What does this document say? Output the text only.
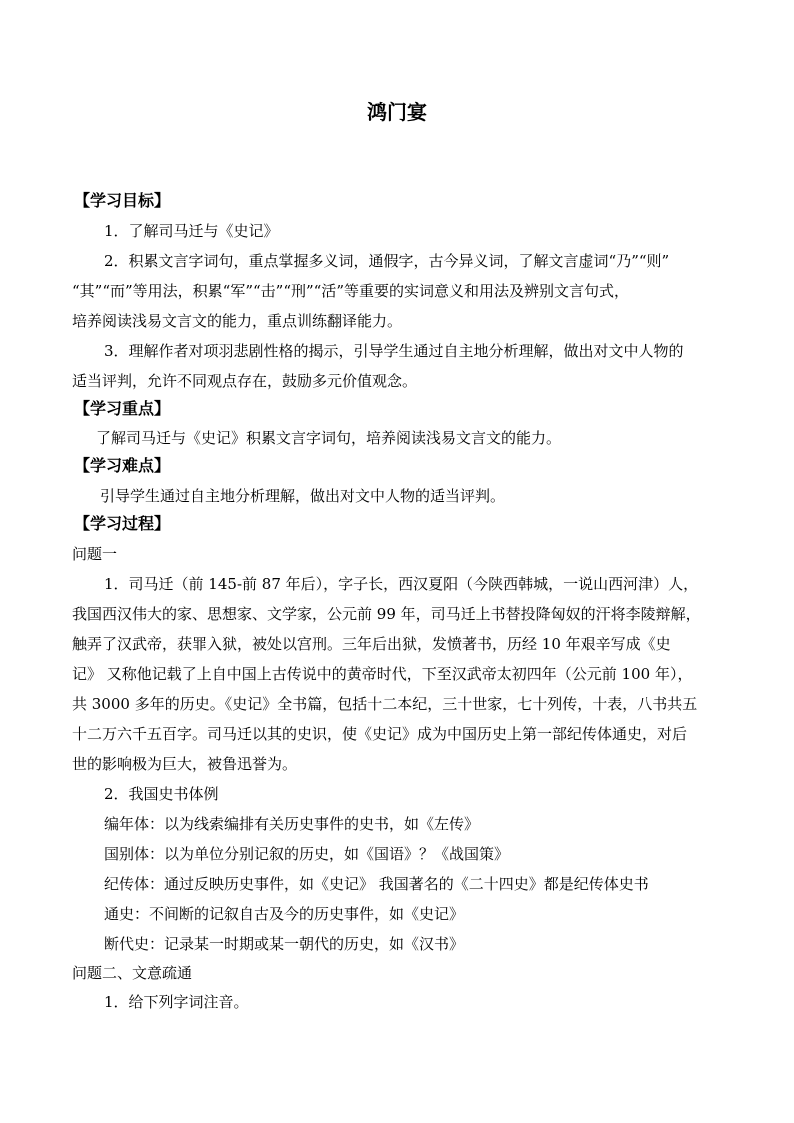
鸿门宴
【学习目标】
1．了解司马迁与《史记》
2．积累文言字词句，重点掌握多义词，通假字，古今异义词，了解文言虚词“乃”“则”
“其”“而”等用法，积累“军”“击”“刑”“活”等重要的实词意义和用法及辨别文言句式，
培养阅读浅易文言文的能力，重点训练翻译能力。
3．理解作者对项羽悲剧性格的揭示，引导学生通过自主地分析理解，做出对文中人物的
适当评判，允许不同观点存在，鼓励多元价值观念。
【学习重点】
了解司马迁与《史记》积累文言字词句，培养阅读浅易文言文的能力。
【学习难点】
引导学生通过自主地分析理解，做出对文中人物的适当评判。
【学习过程】
问题一
1．司马迁（前 145-前 87 年后），字子长，西汉夏阳（今陕西韩城，一说山西河津）人，
我国西汉伟大的家、思想家、文学家，公元前 99 年，司马迁上书替投降匈奴的汗将李陵辩解，
触弄了汉武帝，获罪入狱，被处以宫刑。三年后出狱，发愤著书，历经 10 年艰辛写成《史
记》 又称他记载了上自中国上古传说中的黄帝时代，下至汉武帝太初四年（公元前 100 年），
共 3000 多年的历史。《史记》全书篇，包括十二本纪，三十世家，七十列传，十表，八书共五
十二万六千五百字。司马迁以其的史识，使《史记》成为中国历史上第一部纪传体通史，对后
世的影响极为巨大，被鲁迅誉为。
2．我国史书体例
编年体：以为线索编排有关历史事件的史书，如《左传》
国别体：以为单位分别记叙的历史，如《国语》？《战国策》
纪传体：通过反映历史事件，如《史记》 我国著名的《二十四史》都是纪传体史书
通史：不间断的记叙自古及今的历史事件，如《史记》
断代史：记录某一时期或某一朝代的历史，如《汉书》
问题二、文意疏通
1．给下列字词注音。
